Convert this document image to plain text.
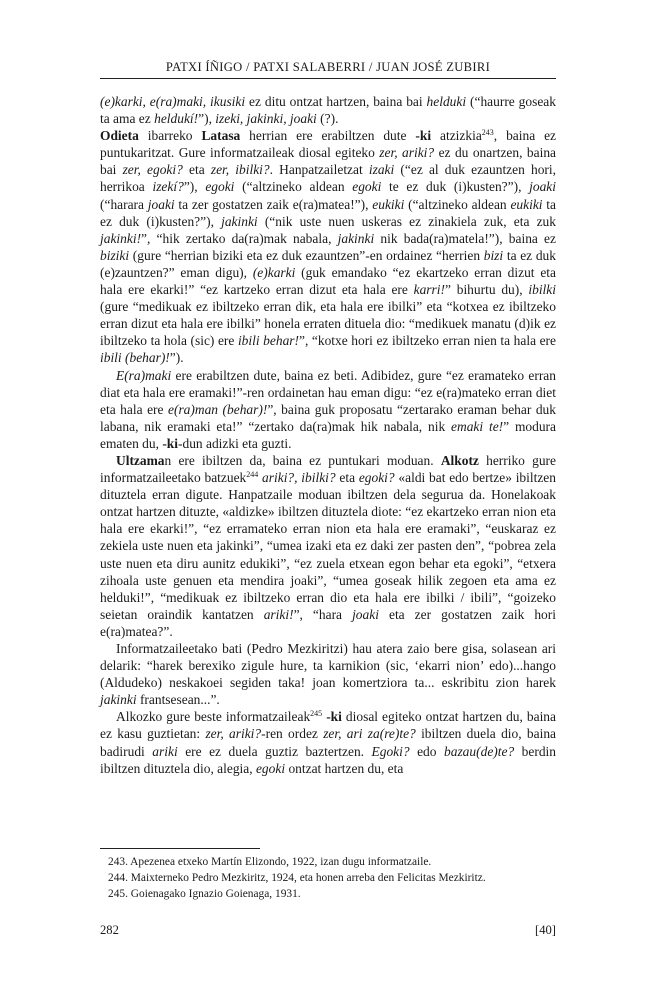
PATXI ÍÑIGO / PATXI SALABERRI / JUAN JOSÉ ZUBIRI

(e)karki, e(ra)maki, ikusiki ez ditu ontzat hartzen, baina bai helduki (“haurre goseak ta ama ez heldukí!”), izeki, jakinki, joaki (?).

Odieta ibarreko Latasa herrian ere erabiltzen dute -ki atzizkia$^{243}$, baina ez puntukaritzat. Gure informatzaileak diosal egiteko zer, ariki? ez du onartzen, baina bai zer, egoki? eta zer, ibilki?. Hanpatzailetzat izaki (“ez al duk ezauntzen hori, herrikoa izekí?”), egoki (“altzineko aldean egoki te ez duk (i)kusten?”), joaki (“harara joaki ta zer gostatzen zaik e(ra)matea!”), eukiki (“altzineko aldean eukiki ta ez duk (i)kusten?”), jakinki (“nik uste nuen uskeras ez zinakiela zuk, eta zuk jakinki!”, “hik zertako da(ra)mak nabala, jakinki nik bada(ra)matela!”), baina ez biziki (gure “herrian biziki eta ez duk ezauntzen”-en ordainez “herrien bizi ta ez duk (e)zauntzen?” eman digu), (e)karki (guk emandako “ez ekartzeko erran dizut eta hala ere ekarki!” “ez kartzeko erran dizut eta hala ere karri!” bihurtu du), ibilki (gure “medikuak ez ibiltzeko erran dik, eta hala ere ibilki” eta “kotxea ez ibiltzeko erran dizut eta hala ere ibilki” honela erraten dituela dio: “medikuek manatu (d)ik ez ibiltzeko ta hola (sic) ere ibili behar!”, “kotxe hori ez ibiltzeko erran nien ta hala ere ibili (behar)!”).

E(ra)maki ere erabiltzen dute, baina ez beti. Adibidez, gure “ez eramateko erran diat eta hala ere eramaki!”-ren ordainetan hau eman digu: “ez e(ra)mateko erran diet eta hala ere e(ra)man (behar)!”, baina guk proposatu “zertarako eraman behar duk labana, nik eramaki eta!” “zertako da(ra)mak hik nabala, nik emaki te!” modura ematen du, -ki-dun adizki eta guzti.

Ultzaman ere ibiltzen da, baina ez puntukari moduan. Alkotz herriko gure informatzaileetako batzuek$^{244}$ ariki?, ibilki? eta egoki? «aldi bat edo bertze» ibiltzen dituztela erran digute. Hanpatzaile moduan ibiltzen dela segurua da. Honelakoak ontzat hartzen dituzte, «aldizke» ibiltzen dituztela diote: “ez ekartzeko erran nion eta hala ere ekarki!”, “ez erramateko erran nion eta hala ere eramaki”, “euskaraz ez zekiela uste nuen eta jakinki”, “umea izaki eta ez daki zer pasten den”, “pobrea zela uste nuen eta diru aunitz edukiki”, “ez zuela etxean egon behar eta egoki”, “etxera zihoala uste genuen eta mendira joaki”, “umea goseak hilik zegoen eta ama ez helduki!”, “medikuak ez ibiltzeko erran dio eta hala ere ibilki / ibili”, “goizeko seietan oraindik kantatzen ariki!”, “hara joaki eta zer gostatzen zaik hori e(ra)matea?”.

Informatzaileetako bati (Pedro Mezkiritzi) hau atera zaio bere gisa, solasean ari delarik: “harek berexiko zigule hure, ta karnikion (sic, ‘ekarri nion’ edo)...hango (Aldudeko) neskakoei segiden taka! joan komertziora ta... eskribitu zion harek jakinki frantsesean...”.

Alkozko gure beste informatzaileak$^{245}$ -ki diosal egiteko ontzat hartzen du, baina ez kasu guztietan: zer, ariki?-ren ordez zer, ari za(re)te? ibiltzen duela dio, baina badirudi ariki ere ez duela guztiz baztertzen. Egoki? edo bazau(de)te? berdin ibiltzen dituztela dio, alegia, egoki ontzat hartzen du, eta

243. Apezenea etxeko Martín Elizondo, 1922, izan dugu informatzaile.
244. Maixterneko Pedro Mezkiritz, 1924, eta honen arreba den Felicitas Mezkiritz.
245. Goienagako Ignazio Goienaga, 1931.
282	[40]
